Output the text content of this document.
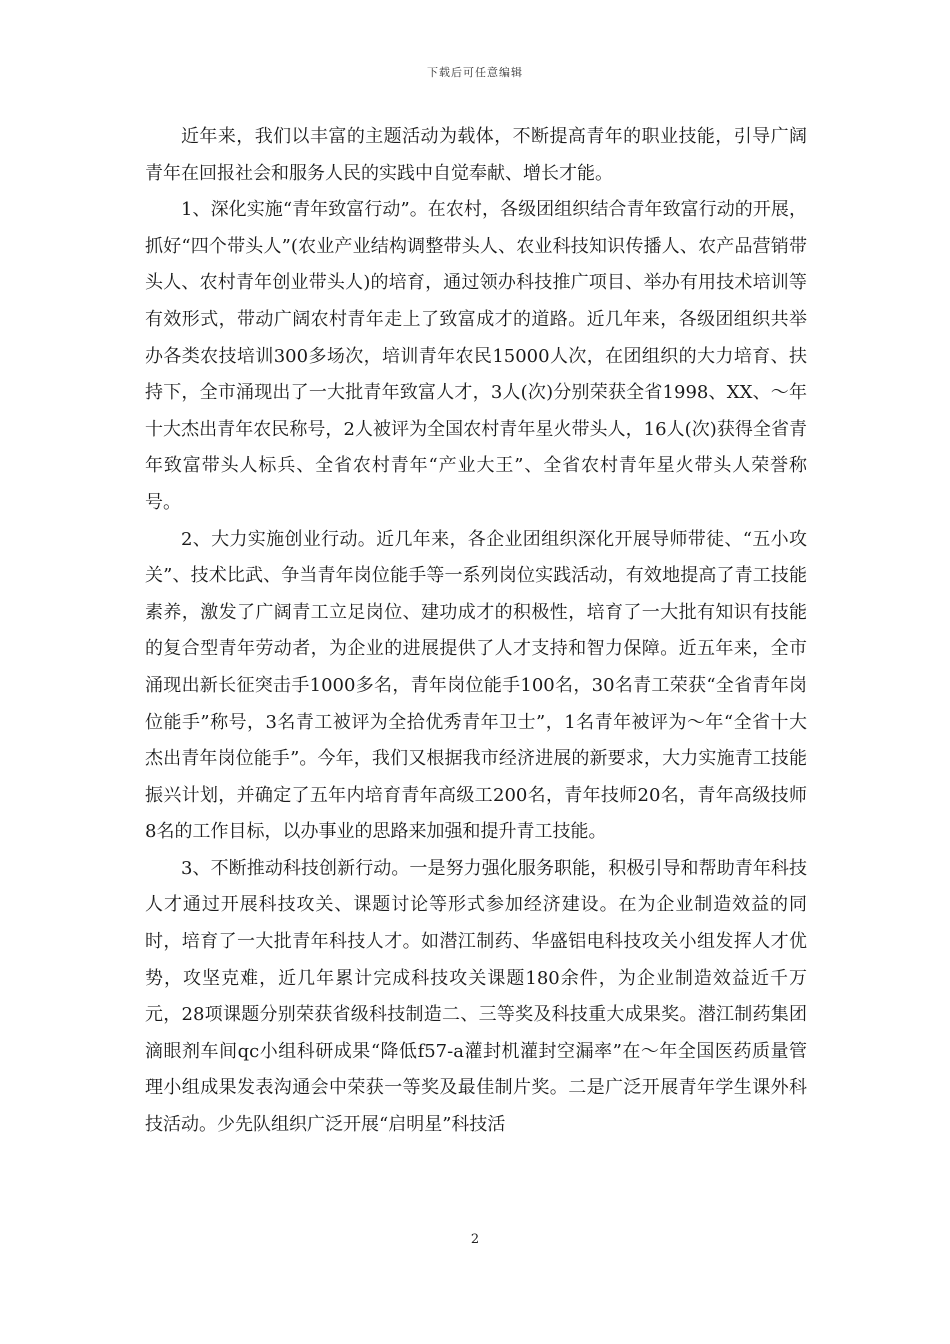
下载后可任意编辑

近年来，我们以丰富的主题活动为载体，不断提高青年的职业技能，引导广阔青年在回报社会和服务人民的实践中自觉奉献、增长才能。

1、深化实施“青年致富行动”。在农村，各级团组织结合青年致富行动的开展，抓好“四个带头人”(农业产业结构调整带头人、农业科技知识传播人、农产品营销带头人、农村青年创业带头人)的培育，通过领办科技推广项目、举办有用技术培训等有效形式，带动广阔农村青年走上了致富成才的道路。近几年来，各级团组织共举办各类农技培训300多场次，培训青年农民15000人次，在团组织的大力培育、扶持下，全市涌现出了一大批青年致富人才，3人(次)分别荣获全省1998、XX、～年十大杰出青年农民称号，2人被评为全国农村青年星火带头人，16人(次)获得全省青年致富带头人标兵、全省农村青年“产业大王”、全省农村青年星火带头人荣誉称号。

2、大力实施创业行动。近几年来，各企业团组织深化开展导师带徒、“五小攻关”、技术比武、争当青年岗位能手等一系列岗位实践活动，有效地提高了青工技能素养，激发了广阔青工立足岗位、建功成才的积极性，培育了一大批有知识有技能的复合型青年劳动者，为企业的进展提供了人才支持和智力保障。近五年来，全市涌现出新长征突击手1000多名，青年岗位能手100名，30名青工荣获“全省青年岗位能手”称号，3名青工被评为全拾优秀青年卫士”，1名青年被评为～年“全省十大杰出青年岗位能手”。今年，我们又根据我市经济进展的新要求，大力实施青工技能振兴计划，并确定了五年内培育青年高级工200名，青年技师20名，青年高级技师8名的工作目标，以办事业的思路来加强和提升青工技能。

3、不断推动科技创新行动。一是努力强化服务职能，积极引导和帮助青年科技人才通过开展科技攻关、课题讨论等形式参加经济建设。在为企业制造效益的同时，培育了一大批青年科技人才。如潜江制药、华盛铝电科技攻关小组发挥人才优势，攻坚克难，近几年累计完成科技攻关课题180余件，为企业制造效益近千万元，28项课题分别荣获省级科技制造二、三等奖及科技重大成果奖。潜江制药集团滴眼剂车间qc小组科研成果“降低f57-a灌封机灌封空漏率”在～年全国医药质量管理小组成果发表沟通会中荣获一等奖及最佳制片奖。二是广泛开展青年学生课外科技活动。少先队组织广泛开展“启明星”科技活

2
